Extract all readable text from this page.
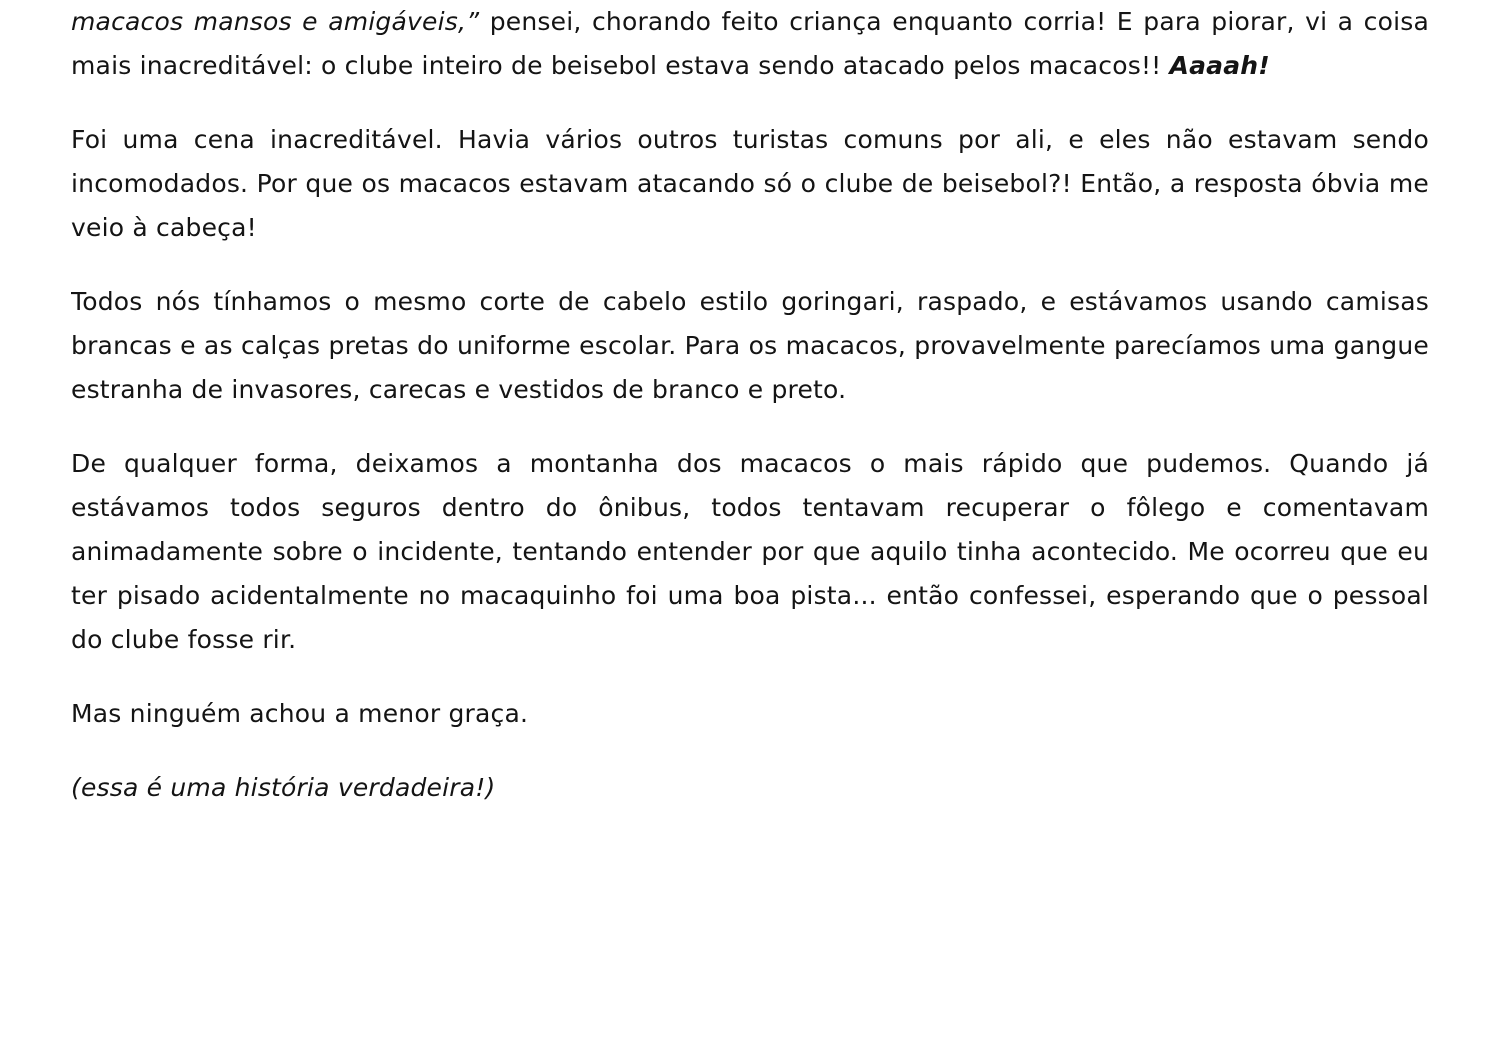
macacos mansos e amigáveis,” pensei, chorando feito criança enquanto corria! E para piorar, vi a coisa mais inacreditável: o clube inteiro de beisebol estava sendo atacado pelos macacos!! Aaaah!

Foi uma cena inacreditável. Havia vários outros turistas comuns por ali, e eles não estavam sendo incomodados. Por que os macacos estavam atacando só o clube de beisebol?! Então, a resposta óbvia me veio à cabeça!

Todos nós tínhamos o mesmo corte de cabelo estilo goringari, raspado, e estávamos usando camisas brancas e as calças pretas do uniforme escolar. Para os macacos, provavelmente parecíamos uma gangue estranha de invasores, carecas e vestidos de branco e preto.

De qualquer forma, deixamos a montanha dos macacos o mais rápido que pudemos. Quando já estávamos todos seguros dentro do ônibus, todos tentavam recuperar o fôlego e comentavam animadamente sobre o incidente, tentando entender por que aquilo tinha acontecido. Me ocorreu que eu ter pisado acidentalmente no macaquinho foi uma boa pista... então confessei, esperando que o pessoal do clube fosse rir.

Mas ninguém achou a menor graça.

(essa é uma história verdadeira!)
